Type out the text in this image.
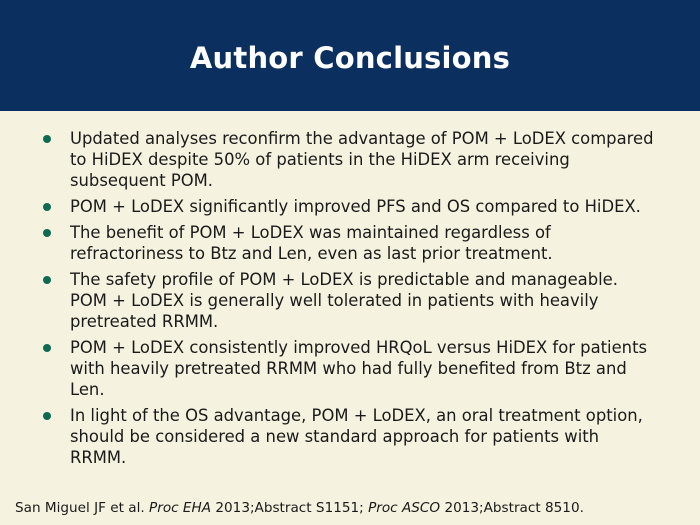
Author Conclusions
Updated analyses reconfirm the advantage of POM + LoDEX compared to HiDEX despite 50% of patients in the HiDEX arm receiving subsequent POM.
POM + LoDEX significantly improved PFS and OS compared to HiDEX.
The benefit of POM + LoDEX was maintained regardless of refractoriness to Btz and Len, even as last prior treatment.
The safety profile of POM + LoDEX is predictable and manageable. POM + LoDEX is generally well tolerated in patients with heavily pretreated RRMM.
POM + LoDEX consistently improved HRQoL versus HiDEX for patients with heavily pretreated RRMM who had fully benefited from Btz and Len.
In light of the OS advantage, POM + LoDEX, an oral treatment option, should be considered a new standard approach for patients with RRMM.
San Miguel JF et al. Proc EHA 2013;Abstract S1151; Proc ASCO 2013;Abstract 8510.
